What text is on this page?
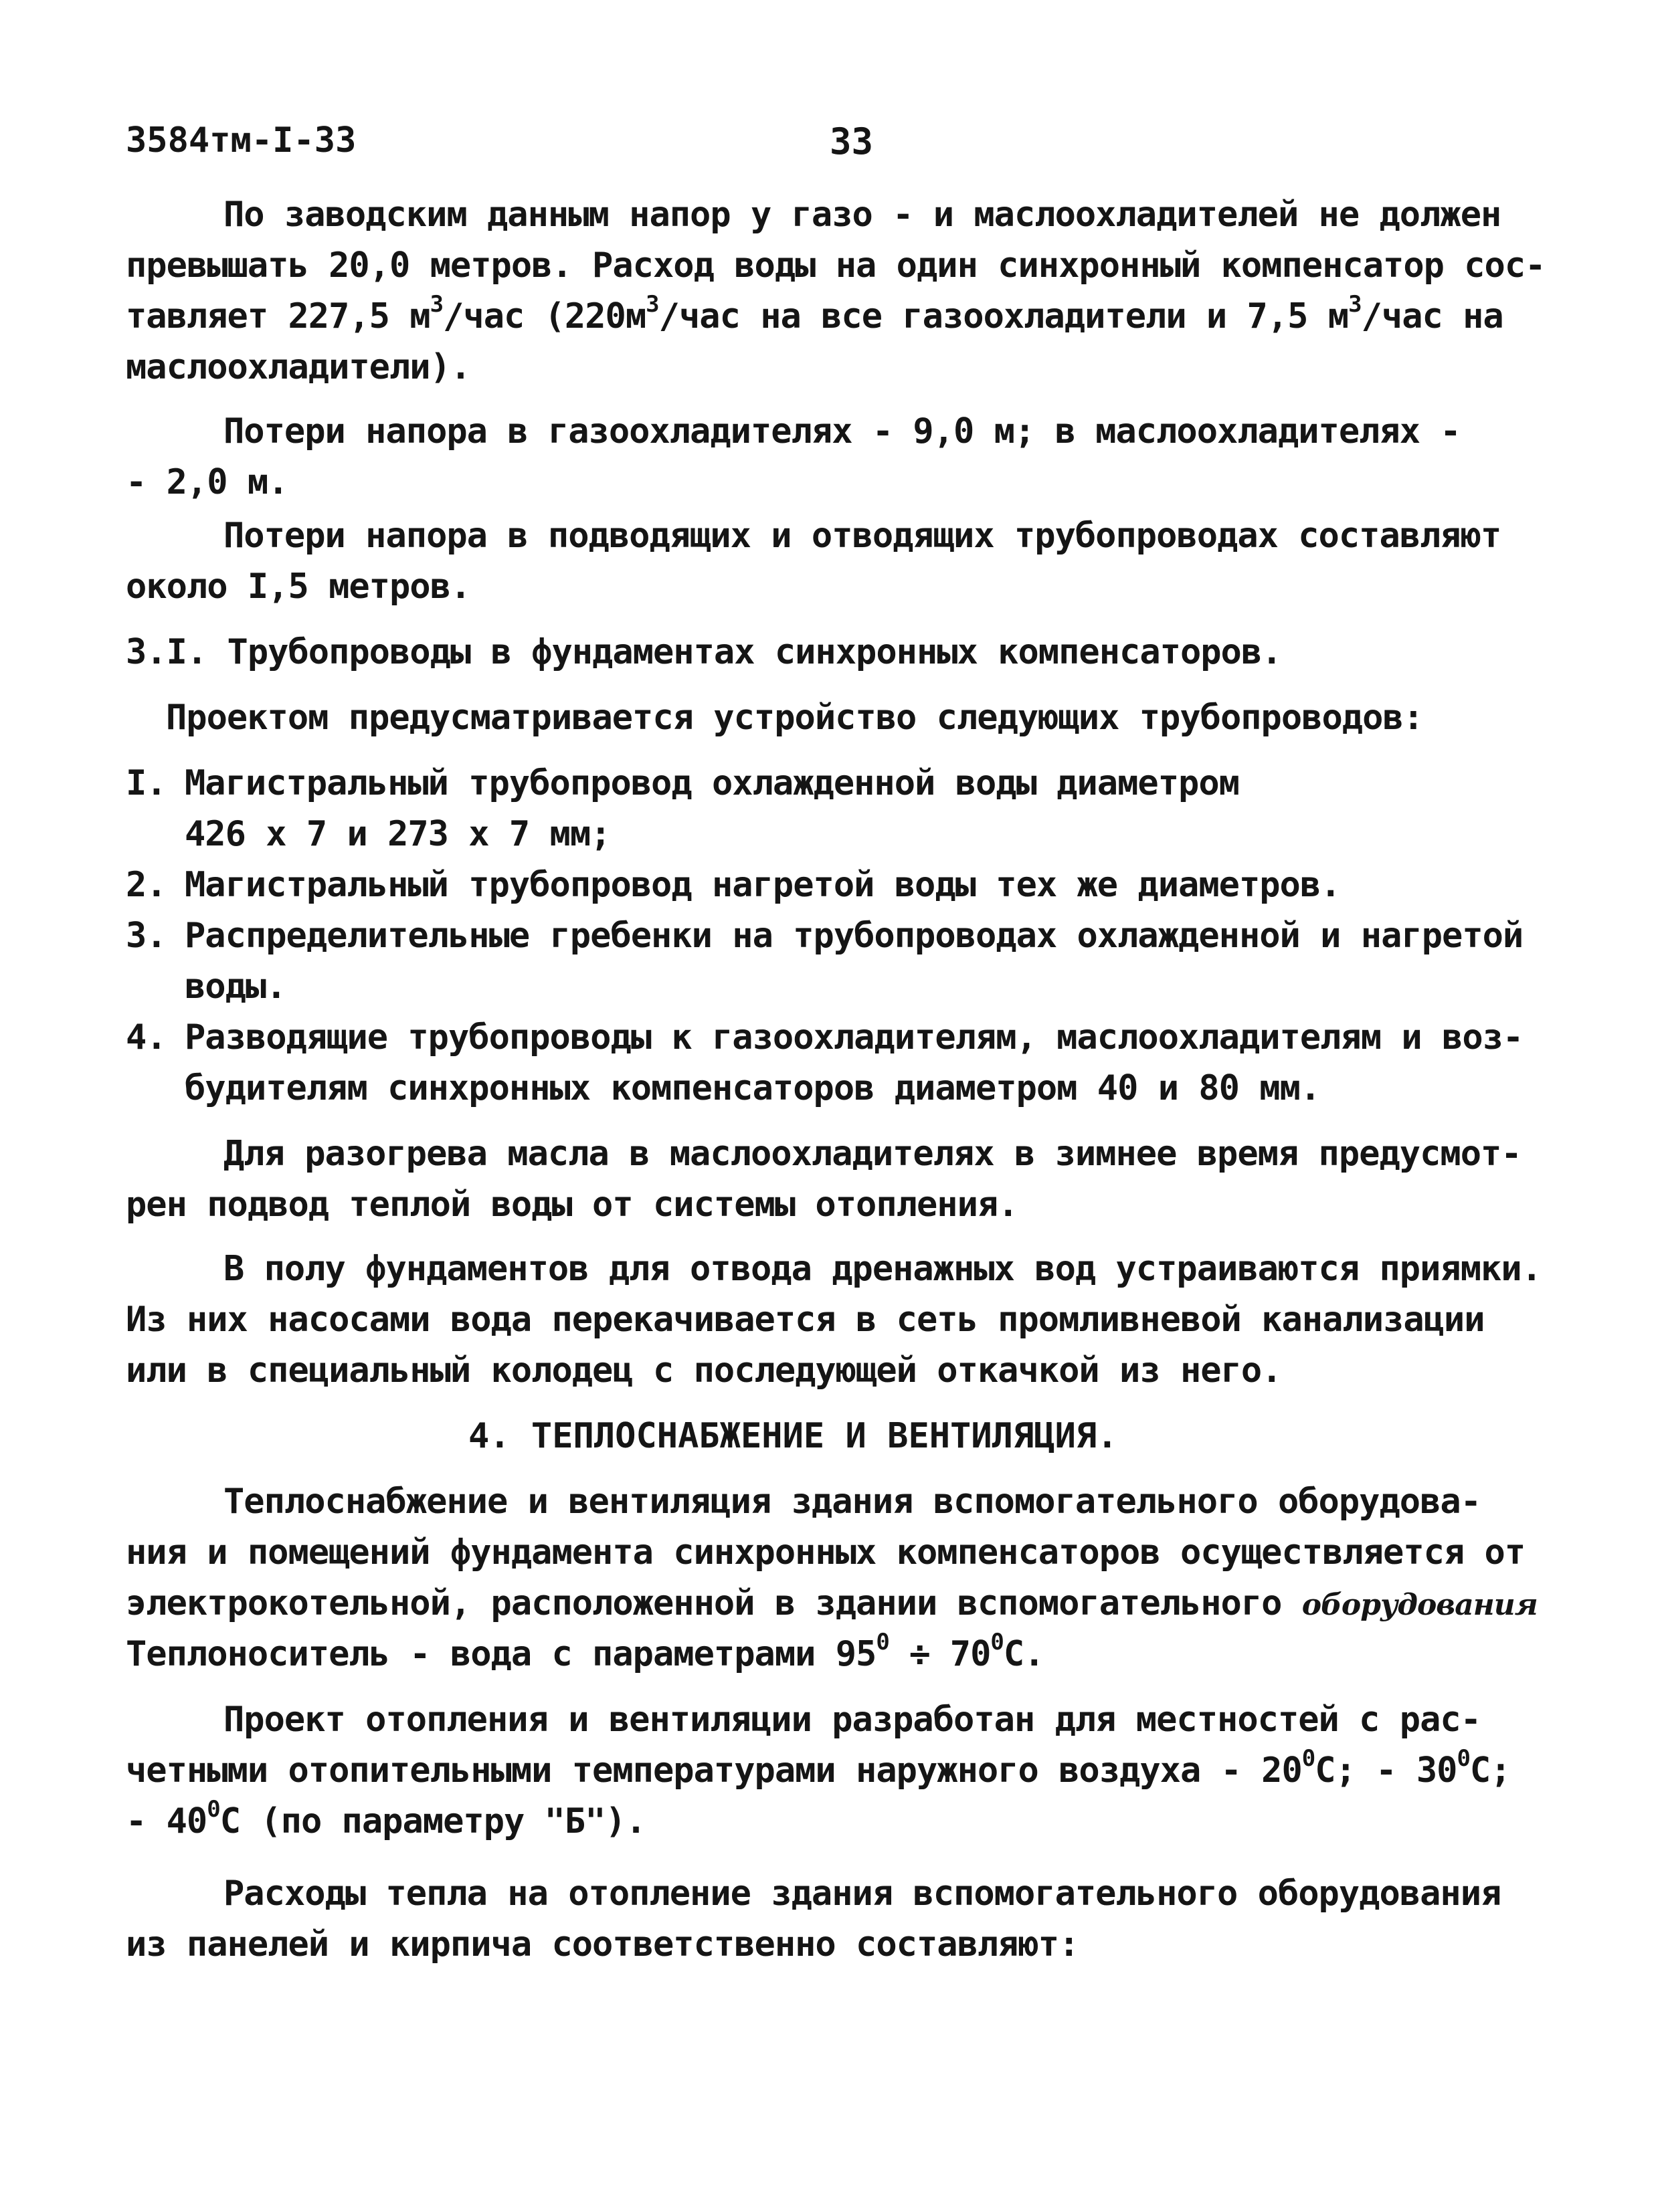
3584тм-I-33	33
По заводским данным напор у газо - и маслоохладителей не должен
превышать 20,0 метров. Расход воды на один синхронный компенсатор сос-
тавляет 227,5 $м^3$/час ($220м^3$/час на все газоохладители и 7,5 $м^3$/час на
маслоохладители).
Потери напора в газоохладителях - 9,0 м; в маслоохладителях -
- 2,0 м.
Потери напора в подводящих и отводящих трубопроводах составляют
около I,5 метров.
3.I. Трубопроводы в фундаментах синхронных компенсаторов.
Проектом предусматривается устройство следующих трубопроводов:
I. Магистральный трубопровод охлажденной воды диаметром
426 х 7 и 273 х 7 мм;
2. Магистральный трубопровод нагретой воды тех же диаметров.
3. Распределительные гребенки на трубопроводах охлажденной и нагретой
воды.
4. Разводящие трубопроводы к газоохладителям, маслоохладителям и воз-
будителям синхронных компенсаторов диаметром 40 и 80 мм.
Для разогрева масла в маслоохладителях в зимнее время предусмот-
рен подвод теплой воды от системы отопления.
В полу фундаментов для отвода дренажных вод устраиваются приямки.
Из них насосами вода перекачивается в сеть промливневой канализации
или в специальный колодец с последующей откачкой из него.
4. ТЕПЛОСНАБЖЕНИЕ И ВЕНТИЛЯЦИЯ.
Теплоснабжение и вентиляция здания вспомогательного оборудова-
ния и помещений фундамента синхронных компенсаторов осуществляется от
электрокотельной, расположенной в здании вспомогательного оборудования
Теплоноситель - вода с параметрами $95^0 \div 70^0С$.
Проект отопления и вентиляции разработан для местностей с рас-
четными отопительными температурами наружного воздуха - $20^0С$; - $30^0С$;
- $40^0С$ (по параметру "Б").
Расходы тепла на отопление здания вспомогательного оборудования
из панелей и кирпича соответственно составляют:
